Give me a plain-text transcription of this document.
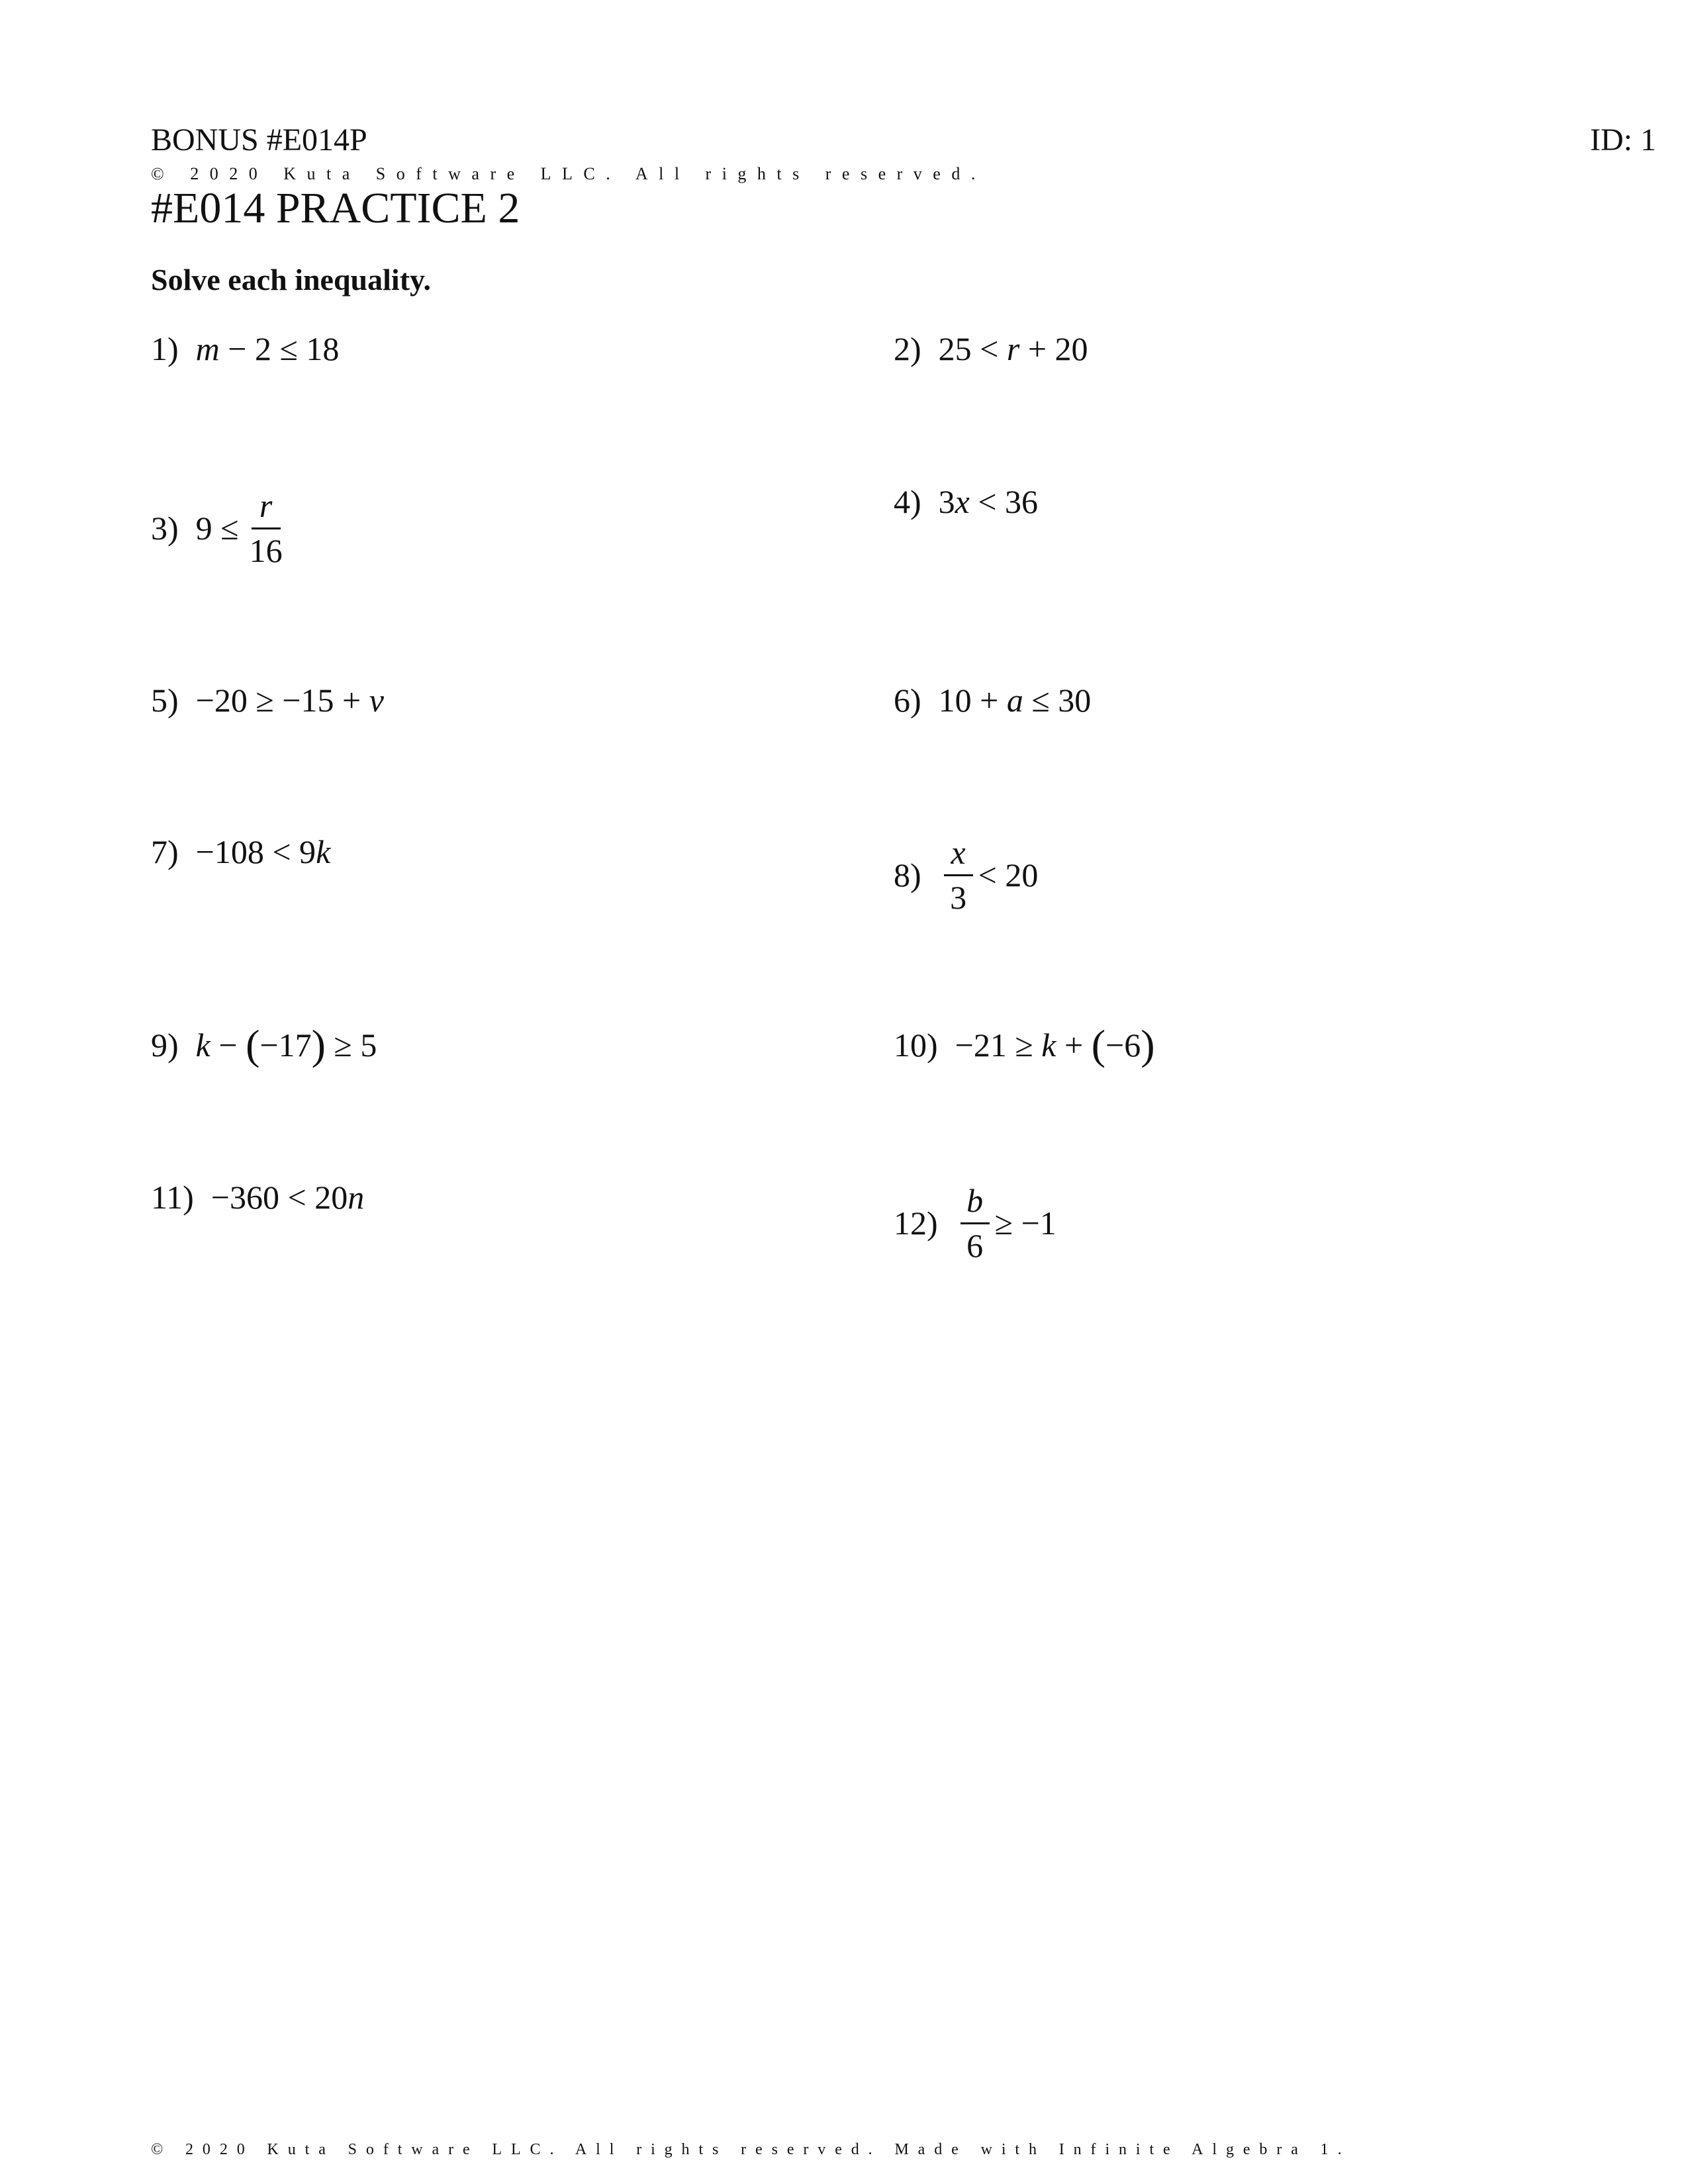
BONUS #E014P	ID: 1
© 2020 Kuta Software LLC. All rights reserved.
#E014 PRACTICE 2
Solve each inequality.
1) m − 2 ≤ 18	2) 25 < r + 20
3) $9 \le \frac{r}{16}$	4) 3 x < 36
5) −20 ≥ −15 + v	6) 10 + a ≤ 30
7) −108 < 9 k
$8) \frac{x}{3} < 20$
9) k − ( −17 ) ≥ 5	10) −21 ≥ k + ( −6 )
11) −360 < 20 n
$12) \frac{b}{6} \ge -1$
© 2020 Kuta Software LLC. All rights reserved. Made with Infinite Algebra 1.
